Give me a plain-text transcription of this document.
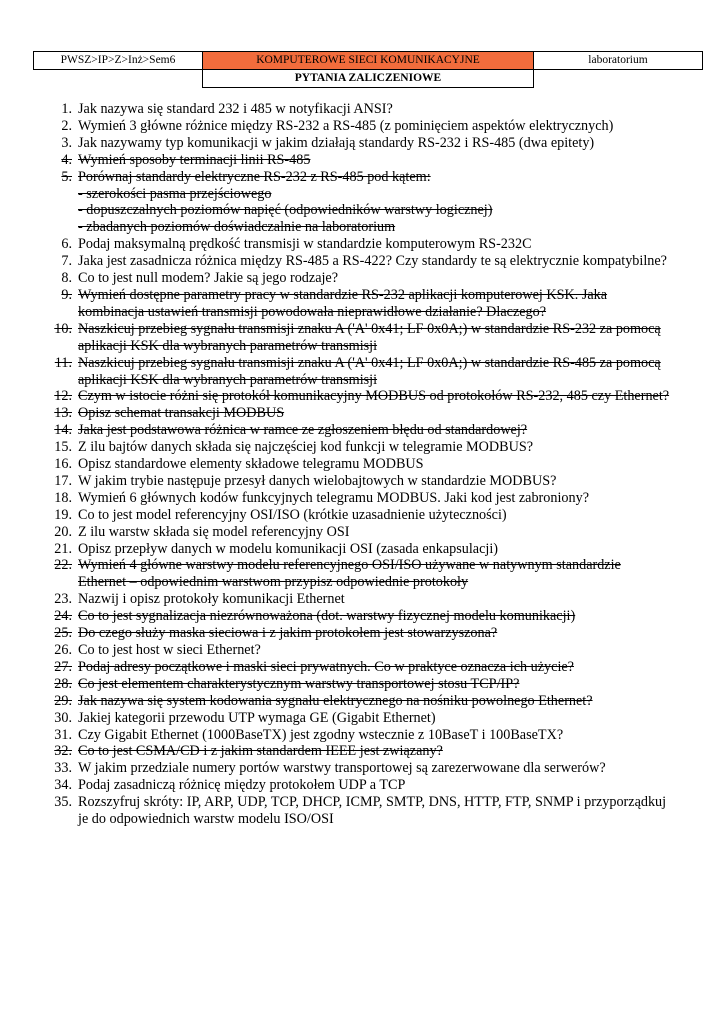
PWSZ>IP>Z>Inż>Sem6	KOMPUTEROWE SIECI KOMUNIKACYJNE	laboratorium
	PYTANIA ZALICZENIOWE	
1 . Jak nazywa się standard 232 i 485 w notyfikacji ANSI?
2 . Wymień 3 główne różnice między RS-232 a RS-485 (z pominięciem aspektów elektrycznych)
3 . Jak nazywamy typ komunikacji w jakim działają standardy RS-232 i RS-485 (dwa epitety)
4 . Wymień sposoby terminacji linii RS-485
5 . Porównaj standardy elektryczne RS-232 z RS-485 pod kątem:
- szerokości pasma przejściowego
- dopuszczalnych poziomów napięć (odpowiedników warstwy logicznej)
- zbadanych poziomów doświadczalnie na laboratorium
6 . Podaj maksymalną prędkość transmisji w standardzie komputerowym RS-232C
7 . Jaka jest zasadnicza różnica między RS-485 a RS-422? Czy standardy te są elektrycznie kompatybilne?
8 . Co to jest null modem? Jakie są jego rodzaje?
9 . Wymień dostępne parametry pracy w standardzie RS-232 aplikacji komputerowej KSK. Jaka
kombinacja ustawień transmisji powodowała nieprawidłowe działanie? Dlaczego?
10 . Naszkicuj przebieg sygnału transmisji znaku A ('A' 0x41; LF 0x0A;) w standardzie RS-232 za pomocą
aplikacji KSK dla wybranych parametrów transmisji
11 . Naszkicuj przebieg sygnału transmisji znaku A ('A' 0x41; LF 0x0A;) w standardzie RS-485 za pomocą
aplikacji KSK dla wybranych parametrów transmisji
12 . Czym w istocie różni się protokół komunikacyjny MODBUS od protokołów RS-232, 485 czy Ethernet?
13 . Opisz schemat transakcji MODBUS
14 . Jaka jest podstawowa różnica w ramce ze zgłoszeniem błędu od standardowej?
15 . Z ilu bajtów danych składa się najczęściej kod funkcji w telegramie MODBUS?
16 . Opisz standardowe elementy składowe telegramu MODBUS
17 . W jakim trybie następuje przesył danych wielobajtowych w standardzie MODBUS?
18 . Wymień 6 głównych kodów funkcyjnych telegramu MODBUS. Jaki kod jest zabroniony?
19 . Co to jest model referencyjny OSI/ISO (krótkie uzasadnienie użyteczności)
20 . Z ilu warstw składa się model referencyjny OSI
21 . Opisz przepływ danych w modelu komunikacji OSI (zasada enkapsulacji)
22 . Wymień 4 główne warstwy modelu referencyjnego OSI/ISO używane w natywnym standardzie
Ethernet – odpowiednim warstwom przypisz odpowiednie protokoły
23 . Nazwij i opisz protokoły komunikacji Ethernet
24 . Co to jest sygnalizacja niezrównoważona (dot. warstwy fizycznej modelu komunikacji)
25 . Do czego służy maska sieciowa i z jakim protokołem jest stowarzyszona?
26 . Co to jest host w sieci Ethernet?
27 . Podaj adresy początkowe i maski sieci prywatnych. Co w praktyce oznacza ich użycie?
28 . Co jest elementem charakterystycznym warstwy transportowej stosu TCP/IP?
29 . Jak nazywa się system kodowania sygnału elektrycznego na nośniku powolnego Ethernet?
30 . Jakiej kategorii przewodu UTP wymaga GE (Gigabit Ethernet)
31 . Czy Gigabit Ethernet (1000BaseTX) jest zgodny wstecznie z 10BaseT i 100BaseTX?
32 . Co to jest CSMA/CD i z jakim standardem IEEE jest związany?
33 . W jakim przedziale numery portów warstwy transportowej są zarezerwowane dla serwerów?
34 . Podaj zasadniczą różnicę między protokołem UDP a TCP
35 . Rozszyfruj skróty: IP, ARP, UDP, TCP, DHCP, ICMP, SMTP, DNS, HTTP, FTP, SNMP i przyporządkuj
je do odpowiednich warstw modelu ISO/OSI
